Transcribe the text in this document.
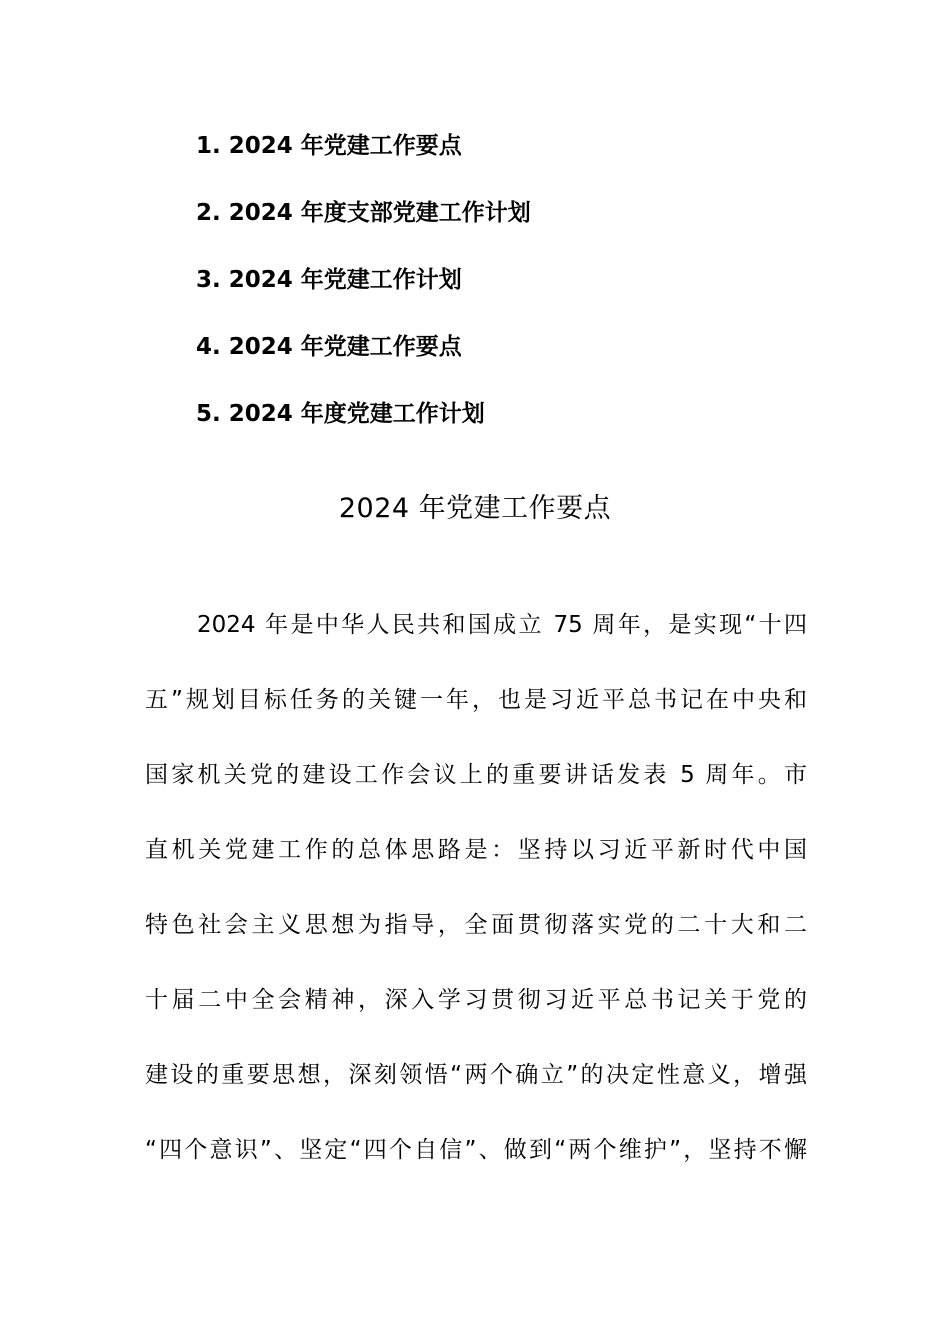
1. 2024 年党建工作要点
2. 2024 年度支部党建工作计划
3. 2024 年党建工作计划
4. 2024 年党建工作要点
5. 2024 年度党建工作计划
2024 年党建工作要点
2024 年是中华人民共和国成立 75 周年，是实现“十四
五”规划目标任务的关键一年，也是习近平总书记在中央和
国家机关党的建设工作会议上的重要讲话发表 5 周年。市
直机关党建工作的总体思路是：坚持以习近平新时代中国
特色社会主义思想为指导，全面贯彻落实党的二十大和二
十届二中全会精神，深入学习贯彻习近平总书记关于党的
建设的重要思想，深刻领悟“两个确立”的决定性意义，增强
“四个意识”、坚定“四个自信”、做到“两个维护”，坚持不懈
